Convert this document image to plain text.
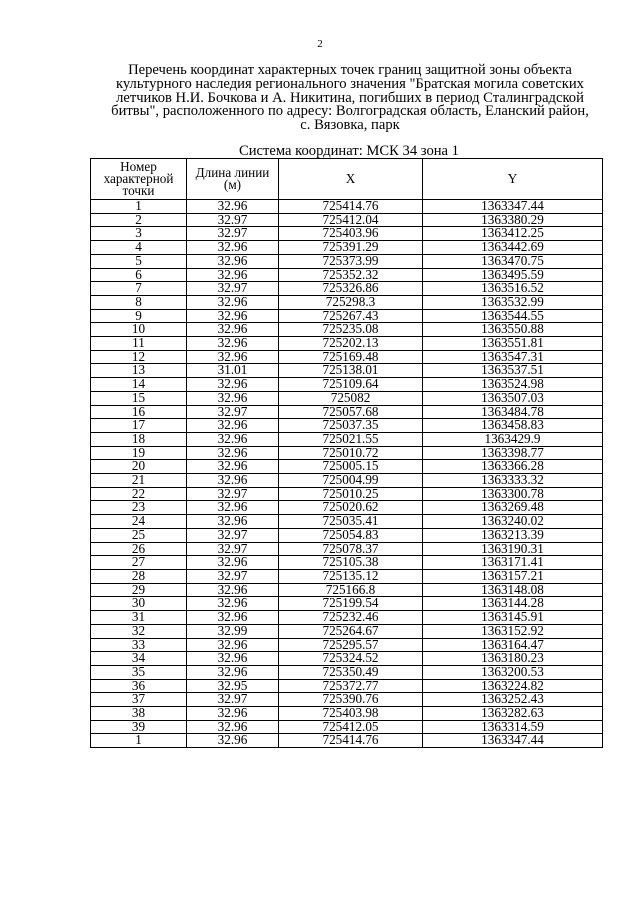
2
Перечень координат характерных точек границ защитной зоны объекта
культурного наследия регионального значения "Братская могила советских
летчиков Н.И. Бочкова и А. Никитина, погибших в период Сталинградской
битвы", расположенного по адресу: Волгоградская область, Еланский район,
с. Вязовка, парк
Система координат: МСК 34 зона 1
Номер характерной точки	Длина линии (м)	X	Y
1	32.96	725414.76	1363347.44
2	32.97	725412.04	1363380.29
3	32.97	725403.96	1363412.25
4	32.96	725391.29	1363442.69
5	32.96	725373.99	1363470.75
6	32.96	725352.32	1363495.59
7	32.97	725326.86	1363516.52
8	32.96	725298.3	1363532.99
9	32.96	725267.43	1363544.55
10	32.96	725235.08	1363550.88
11	32.96	725202.13	1363551.81
12	32.96	725169.48	1363547.31
13	31.01	725138.01	1363537.51
14	32.96	725109.64	1363524.98
15	32.96	725082	1363507.03
16	32.97	725057.68	1363484.78
17	32.96	725037.35	1363458.83
18	32.96	725021.55	1363429.9
19	32.96	725010.72	1363398.77
20	32.96	725005.15	1363366.28
21	32.96	725004.99	1363333.32
22	32.97	725010.25	1363300.78
23	32.96	725020.62	1363269.48
24	32.96	725035.41	1363240.02
25	32.97	725054.83	1363213.39
26	32.97	725078.37	1363190.31
27	32.96	725105.38	1363171.41
28	32.97	725135.12	1363157.21
29	32.96	725166.8	1363148.08
30	32.96	725199.54	1363144.28
31	32.96	725232.46	1363145.91
32	32.99	725264.67	1363152.92
33	32.96	725295.57	1363164.47
34	32.96	725324.52	1363180.23
35	32.96	725350.49	1363200.53
36	32.95	725372.77	1363224.82
37	32.97	725390.76	1363252.43
38	32.96	725403.98	1363282.63
39	32.96	725412.05	1363314.59
1	32.96	725414.76	1363347.44
